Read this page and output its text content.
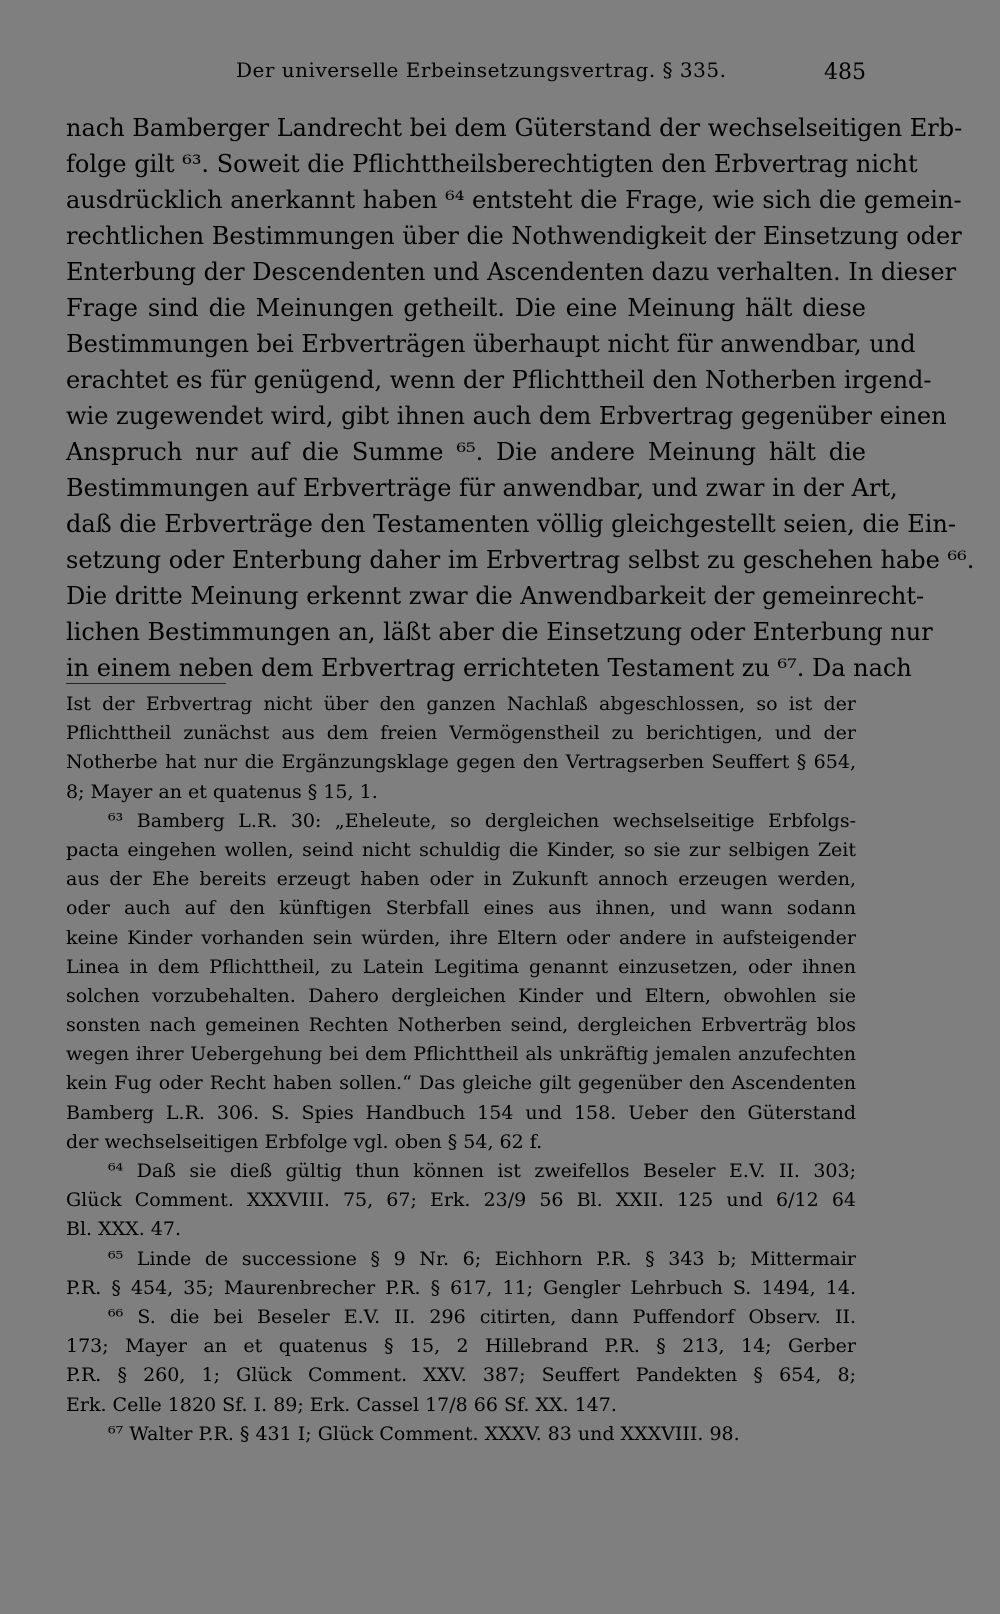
Der universelle Erbeinsetzungsvertrag. § 335.	485
nach Bamberger Landrecht bei dem Güterstand der wechselseitigen Erb-
folge gilt ⁶³. Soweit die Pflichttheilsberechtigten den Erbvertrag nicht
ausdrücklich anerkannt haben ⁶⁴ entsteht die Frage, wie sich die gemein-
rechtlichen Bestimmungen über die Nothwendigkeit der Einsetzung oder
Enterbung der Descendenten und Ascendenten dazu verhalten. In dieser
Frage sind die Meinungen getheilt. Die eine Meinung hält diese
Bestimmungen bei Erbverträgen überhaupt nicht für anwendbar, und
erachtet es für genügend, wenn der Pflichttheil den Notherben irgend-
wie zugewendet wird, gibt ihnen auch dem Erbvertrag gegenüber einen
Anspruch nur auf die Summe ⁶⁵. Die andere Meinung hält die
Bestimmungen auf Erbverträge für anwendbar, und zwar in der Art,
daß die Erbverträge den Testamenten völlig gleichgestellt seien, die Ein-
setzung oder Enterbung daher im Erbvertrag selbst zu geschehen habe ⁶⁶.
Die dritte Meinung erkennt zwar die Anwendbarkeit der gemeinrecht-
lichen Bestimmungen an, läßt aber die Einsetzung oder Enterbung nur
in einem neben dem Erbvertrag errichteten Testament zu ⁶⁷. Da nach
Ist der Erbvertrag nicht über den ganzen Nachlaß abgeschlossen, so ist der
Pflichttheil zunächst aus dem freien Vermögenstheil zu berichtigen, und der
Notherbe hat nur die Ergänzungsklage gegen den Vertragserben Seuffert § 654,
8; Mayer an et quatenus § 15, 1.
⁶³ Bamberg L.R. 30: „Eheleute, so dergleichen wechselseitige Erbfolgs-
pacta eingehen wollen, seind nicht schuldig die Kinder, so sie zur selbigen Zeit
aus der Ehe bereits erzeugt haben oder in Zukunft annoch erzeugen werden,
oder auch auf den künftigen Sterbfall eines aus ihnen, und wann sodann
keine Kinder vorhanden sein würden, ihre Eltern oder andere in aufsteigender
Linea in dem Pflichttheil, zu Latein Legitima genannt einzusetzen, oder ihnen
solchen vorzubehalten. Dahero dergleichen Kinder und Eltern, obwohlen sie
sonsten nach gemeinen Rechten Notherben seind, dergleichen Erbverträg blos
wegen ihrer Uebergehung bei dem Pflichttheil als unkräftig jemalen anzufechten
kein Fug oder Recht haben sollen.“ Das gleiche gilt gegenüber den Ascendenten
Bamberg L.R. 306. S. Spies Handbuch 154 und 158. Ueber den Güterstand
der wechselseitigen Erbfolge vgl. oben § 54, 62 f.
⁶⁴ Daß sie dieß gültig thun können ist zweifellos Beseler E.V. II. 303;
Glück Comment. XXXVIII. 75, 67; Erk. 23/9 56 Bl. XXII. 125 und 6/12 64
Bl. XXX. 47.
⁶⁵ Linde de successione § 9 Nr. 6; Eichhorn P.R. § 343 b; Mittermair
P.R. § 454, 35; Maurenbrecher P.R. § 617, 11; Gengler Lehrbuch S. 1494, 14.
⁶⁶ S. die bei Beseler E.V. II. 296 citirten, dann Puffendorf Observ. II.
173; Mayer an et quatenus § 15, 2 Hillebrand P.R. § 213, 14; Gerber
P.R. § 260, 1; Glück Comment. XXV. 387; Seuffert Pandekten § 654, 8;
Erk. Celle 1820 Sf. I. 89; Erk. Cassel 17/8 66 Sf. XX. 147.
⁶⁷ Walter P.R. § 431 I; Glück Comment. XXXV. 83 und XXXVIII. 98.
